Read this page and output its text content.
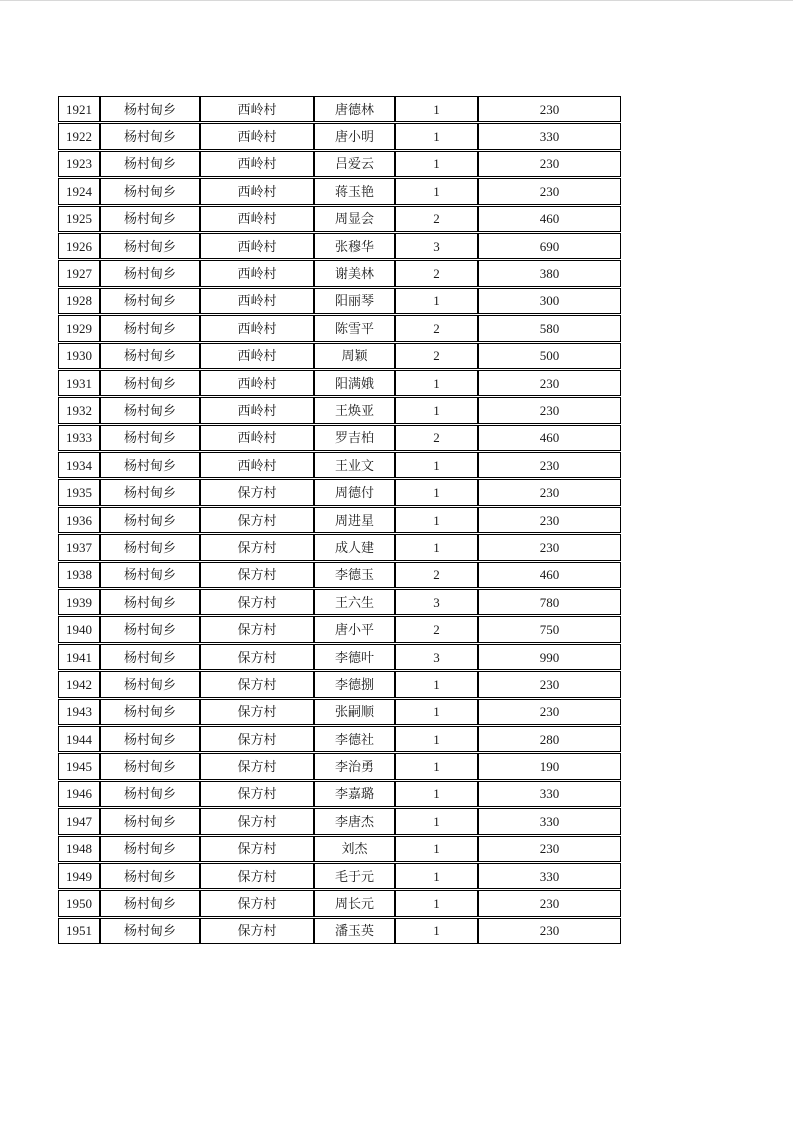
1921	杨村甸乡	西岭村	唐德林	1	230
1922	杨村甸乡	西岭村	唐小明	1	330
1923	杨村甸乡	西岭村	吕爱云	1	230
1924	杨村甸乡	西岭村	蒋玉艳	1	230
1925	杨村甸乡	西岭村	周显会	2	460
1926	杨村甸乡	西岭村	张穆华	3	690
1927	杨村甸乡	西岭村	谢美林	2	380
1928	杨村甸乡	西岭村	阳丽琴	1	300
1929	杨村甸乡	西岭村	陈雪平	2	580
1930	杨村甸乡	西岭村	周颖	2	500
1931	杨村甸乡	西岭村	阳满娥	1	230
1932	杨村甸乡	西岭村	王焕亚	1	230
1933	杨村甸乡	西岭村	罗吉柏	2	460
1934	杨村甸乡	西岭村	王业文	1	230
1935	杨村甸乡	保方村	周德付	1	230
1936	杨村甸乡	保方村	周进星	1	230
1937	杨村甸乡	保方村	成人建	1	230
1938	杨村甸乡	保方村	李德玉	2	460
1939	杨村甸乡	保方村	王六生	3	780
1940	杨村甸乡	保方村	唐小平	2	750
1941	杨村甸乡	保方村	李德叶	3	990
1942	杨村甸乡	保方村	李德捌	1	230
1943	杨村甸乡	保方村	张嗣顺	1	230
1944	杨村甸乡	保方村	李德社	1	280
1945	杨村甸乡	保方村	李治勇	1	190
1946	杨村甸乡	保方村	李嘉璐	1	330
1947	杨村甸乡	保方村	李唐杰	1	330
1948	杨村甸乡	保方村	刘杰	1	230
1949	杨村甸乡	保方村	毛于元	1	330
1950	杨村甸乡	保方村	周长元	1	230
1951	杨村甸乡	保方村	潘玉英	1	230
